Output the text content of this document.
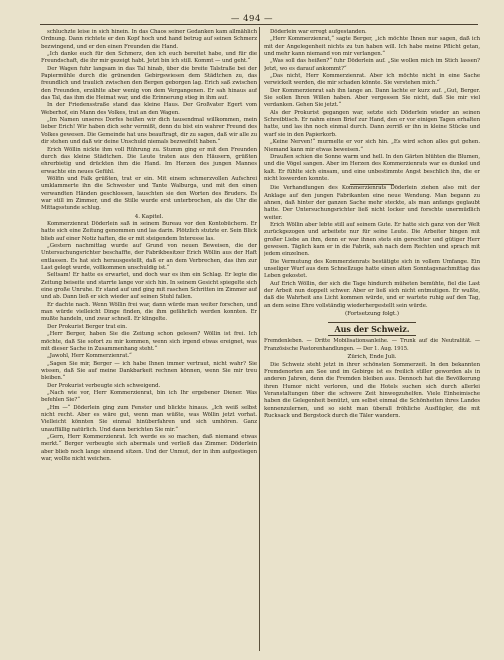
— 494 —

schluchzte leise in sich hinein. In das Chaos seiner Gedanken kam allmählich Ordnung. Dann richtete er den Kopf hoch und hand betrug auf seinen Schmerz bezwingend, und er den einen Freunden die Hand.

„Ich danke euch für den Schmerz, den ich euch bereitet habe, und für die Freundschaft, die ihr mir gezeigt habt. Jetzt bin ich still. Kommt — und geht.“

Der Wagen fuhr langsam in das Tal hinab, über die breite Talstraße bei der Papiermühle durch die grünenden Gebirgswiesen dem Städtchen zu, das freundlich und traulich zwischen den Bergen geborgen lag. Erich saß zwischen den Freunden, erzählte aber wenig von dem Vergangenen. Er sah hinaus auf das Tal, das ihm die Heimat war, und die Erinnerung stieg in ihm auf.

In der Friedensstraße stand das kleine Haus. Der Großvater Egert vom Weberhof, ein Mann des Volkes, trat an den Wagen.

„Im Namen unseres Dorfes heißen wir dich tausendmal willkommen, mein lieber Erich! Wir haben dich sehr vermißt, denn du bist ein wahrer Freund des Volkes gewesen. Die Gemeinde hat uns beauftragt, dir zu sagen, daß wir alle zu dir stehen und daß wir deine Unschuld niemals bezweifelt haben.“

Erich Wöllin nickte ihm voll Rührung zu. Stumm ging er mit den Freunden durch das kleine Städtchen. Die Leute traten aus den Häusern, grüßten ehrerbietig und drückten ihm die Hand. Im Herzen des jungen Mannes erwachte ein neues Gefühl.

Wölfin und Falk grüßten, trat er ein. Mit einem schmerzvollen Aufschrei umklammerte ihn die Schwester und Tante Walburga, und mit den einen verwandten Händen geschlossen, lauschten sie den Worten des Bruders. Es war still im Zimmer, und die Stille wurde erst unterbrochen, als die Uhr die Mittagsstunde schlug.

4. Kapitel.

Kommerzienrat Döderlein saß in seinem Bureau vor den Kontobüchern. Er hatte sich eine Zeitung genommen und las darin. Plötzlich stutzte er. Sein Blick blieb auf einer Notiz haften, die er mit steigendem Interesse las.

„Gestern nachmittag wurde auf Grund von neuen Beweisen, die der Untersuchungsrichter beschaffte, der Fabrikbesitzer Erich Wöllin aus der Haft entlassen. Es hat sich herausgestellt, daß er an dem Verbrechen, das ihm zur Last gelegt wurde, vollkommen unschuldig ist.“

Seltsam! Er hatte es erwartet, und doch war es ihm ein Schlag. Er legte die Zeitung beiseite und starrte lange vor sich hin. In seinem Gesicht spiegelte sich eine große Unruhe. Er stand auf und ging mit raschen Schritten im Zimmer auf und ab. Dann ließ er sich wieder auf seinen Stuhl fallen.

Er dachte nach. Wenn Wöllin frei war, dann würde man weiter forschen, und man würde vielleicht Dinge finden, die ihm gefährlich werden konnten. Er mußte handeln, und zwar schnell. Er klingelte.

Der Prokurist Berger trat ein.

„Herr Berger, haben Sie die Zeitung schon gelesen? Wöllin ist frei. Ich möchte, daß Sie sofort zu mir kommen, wenn sich irgend etwas ereignet, was mit dieser Sache in Zusammenhang steht.“

„Jawohl, Herr Kommerzienrat.“

„Sagen Sie mir, Berger — ich habe Ihnen immer vertraut, nicht wahr? Sie wissen, daß Sie auf meine Dankbarkeit rechnen können, wenn Sie mir treu bleiben.“

Der Prokurist verbeugte sich schweigend.

„Nach wie vor, Herr Kommerzienrat, bin ich Ihr ergebener Diener. Was befehlen Sie?“

„Hm —“ Döderlein ging zum Fenster und blickte hinaus. „Ich weiß selbst nicht recht. Aber es wäre gut, wenn man wüßte, was Wöllin jetzt vorhat. Vielleicht könnten Sie einmal hinüberfahren und sich umhören. Ganz unauffällig natürlich. Und dann berichten Sie mir.“

„Gern, Herr Kommerzienrat. Ich werde es so machen, daß niemand etwas merkt.“ Berger verbeugte sich abermals und verließ das Zimmer. Döderlein aber blieb noch lange sinnend sitzen. Und der Unmut, der in ihm aufgestiegen war, wollte nicht weichen.

Döderlein war erregt aufgestanden.

„Herr Kommerzienrat,“ sagte Berger, „ich möchte Ihnen nur sagen, daß ich mit der Angelegenheit nichts zu tun haben will. Ich habe meine Pflicht getan, und mehr kann niemand von mir verlangen.“

„Was soll das heißen?“ fuhr Döderlein auf. „Sie wollen mich im Stich lassen? Jetzt, wo es darauf ankommt?“

„Das nicht, Herr Kommerzienrat. Aber ich möchte nicht in eine Sache verwickelt werden, die mir schaden könnte. Sie verstehen mich.“

Der Kommerzienrat sah ihn lange an. Dann lachte er kurz auf. „Gut, Berger. Sie sollen Ihren Willen haben. Aber vergessen Sie nicht, daß Sie mir viel verdanken. Gehen Sie jetzt.“

Als der Prokurist gegangen war, setzte sich Döderlein wieder an seinen Schreibtisch. Er nahm einen Brief zur Hand, den er vor einigen Tagen erhalten hatte, und las ihn noch einmal durch. Dann zerriß er ihn in kleine Stücke und warf sie in den Papierkorb.

„Keine Nerven!“ murmelte er vor sich hin. „Es wird schon alles gut gehen. Niemand kann mir etwas beweisen.“

Draußen schien die Sonne warm und hell. In den Gärten blühten die Blumen, und die Vögel sangen. Aber im Herzen des Kommerzienrats war es dunkel und kalt. Er fühlte sich einsam, und eine unbestimmte Angst beschlich ihn, die er nicht loswerden konnte.

Die Verhandlungen des Kommerzienrats Döderlein ziehen also mit der Anklage auf den jungen Fabrikanten eine neue Wendung. Man begann zu ahnen, daß hinter der ganzen Sache mehr steckte, als man anfangs geglaubt hatte. Der Untersuchungsrichter ließ nicht locker und forschte unermüdlich weiter.

Erich Wöllin aber lebte still auf seinem Gute. Er hatte sich ganz von der Welt zurückgezogen und arbeitete nur für seine Leute. Die Arbeiter hingen mit großer Liebe an ihm, denn er war ihnen stets ein gerechter und gütiger Herr gewesen. Täglich kam er in die Fabrik, sah nach dem Rechten und sprach mit jedem einzelnen.

Die Vermutung des Kommerzienrats bestätigte sich in vollem Umfange. Ein unseliger Wurf aus dem Schnellzuge hatte einen alten Sonntagsnachmittag das Leben gekostet.

Auf Erich Wöllin, der sich die Tage hindurch müheten bemühte, fiel die Last der Arbeit nun doppelt schwer. Aber er ließ sich nicht entmutigen. Er wußte, daß die Wahrheit ans Licht kommen würde, und er wartete ruhig auf den Tag, an dem seine Ehre vollständig wiederhergestellt sein würde.

(Fortsetzung folgt.)
Aus der Schweiz.

Fremdenleben. — Dritte Mobilisationsanleihe. — Trunk auf die Neutralität. — Französische Pastorenhandlungen. — Der 1. Aug. 1915.

Zürich, Ende Juli.

Die Schweiz steht jetzt in ihrer schönsten Sommerzeit. In den bekannten Fremdenorten am See und im Gebirge ist es freilich stiller geworden als in anderen Jahren, denn die Fremden bleiben aus. Dennoch hat die Bevölkerung ihren Humor nicht verloren, und die Hotels suchen sich durch allerlei Veranstaltungen über die schwere Zeit hinwegzuhelfen. Viele Einheimische haben die Gelegenheit benützt, um selbst einmal die Schönheiten ihres Landes kennenzulernen, und so sieht man überall fröhliche Ausflügler, die mit Rucksack und Bergstock durch die Täler wandern.
